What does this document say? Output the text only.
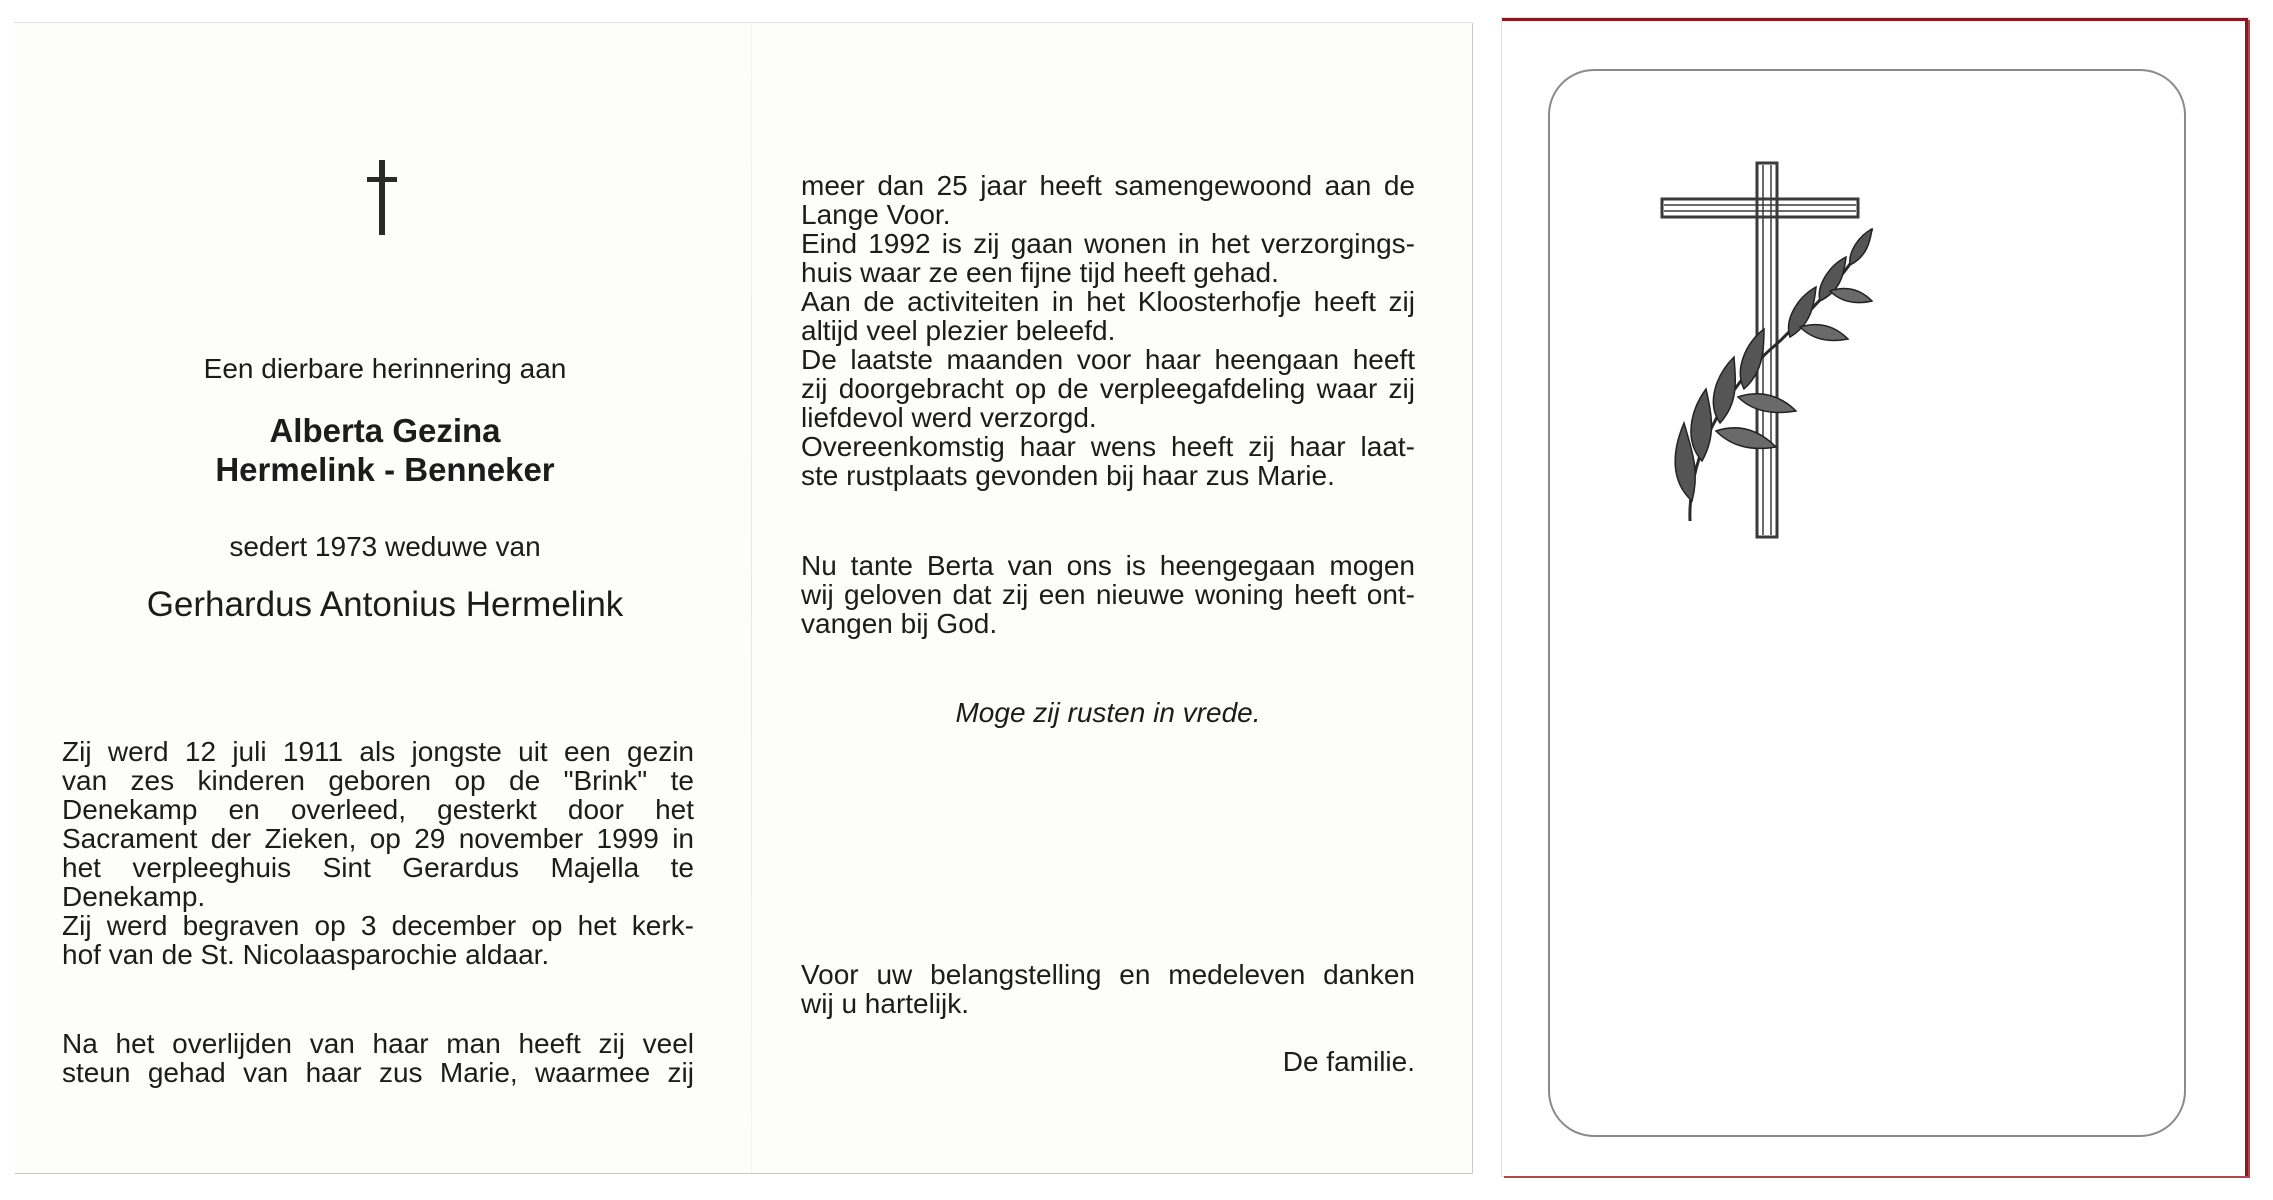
Een dierbare herinnering aan
Alberta Gezina
Hermelink - Benneker
sedert 1973 weduwe van
Gerhardus Antonius Hermelink
Zij werd 12 juli 1911 als jongste uit een gezin
van zes kinderen geboren op de "Brink" te
Denekamp en overleed, gesterkt door het
Sacrament der Zieken, op 29 november 1999 in
het verpleeghuis Sint Gerardus Majella te
Denekamp.
Zij werd begraven op 3 december op het kerk-
hof van de St. Nicolaasparochie aldaar.
Na het overlijden van haar man heeft zij veel
steun gehad van haar zus Marie, waarmee zij
meer dan 25 jaar heeft samengewoond aan de
Lange Voor.
Eind 1992 is zij gaan wonen in het verzorgings-
huis waar ze een fijne tijd heeft gehad.
Aan de activiteiten in het Kloosterhofje heeft zij
altijd veel plezier beleefd.
De laatste maanden voor haar heengaan heeft
zij doorgebracht op de verpleegafdeling waar zij
liefdevol werd verzorgd.
Overeenkomstig haar wens heeft zij haar laat-
ste rustplaats gevonden bij haar zus Marie.
Nu tante Berta van ons is heengegaan mogen
wij geloven dat zij een nieuwe woning heeft ont-
vangen bij God.
Moge zij rusten in vrede.
Voor uw belangstelling en medeleven danken
wij u hartelijk.
De familie.
